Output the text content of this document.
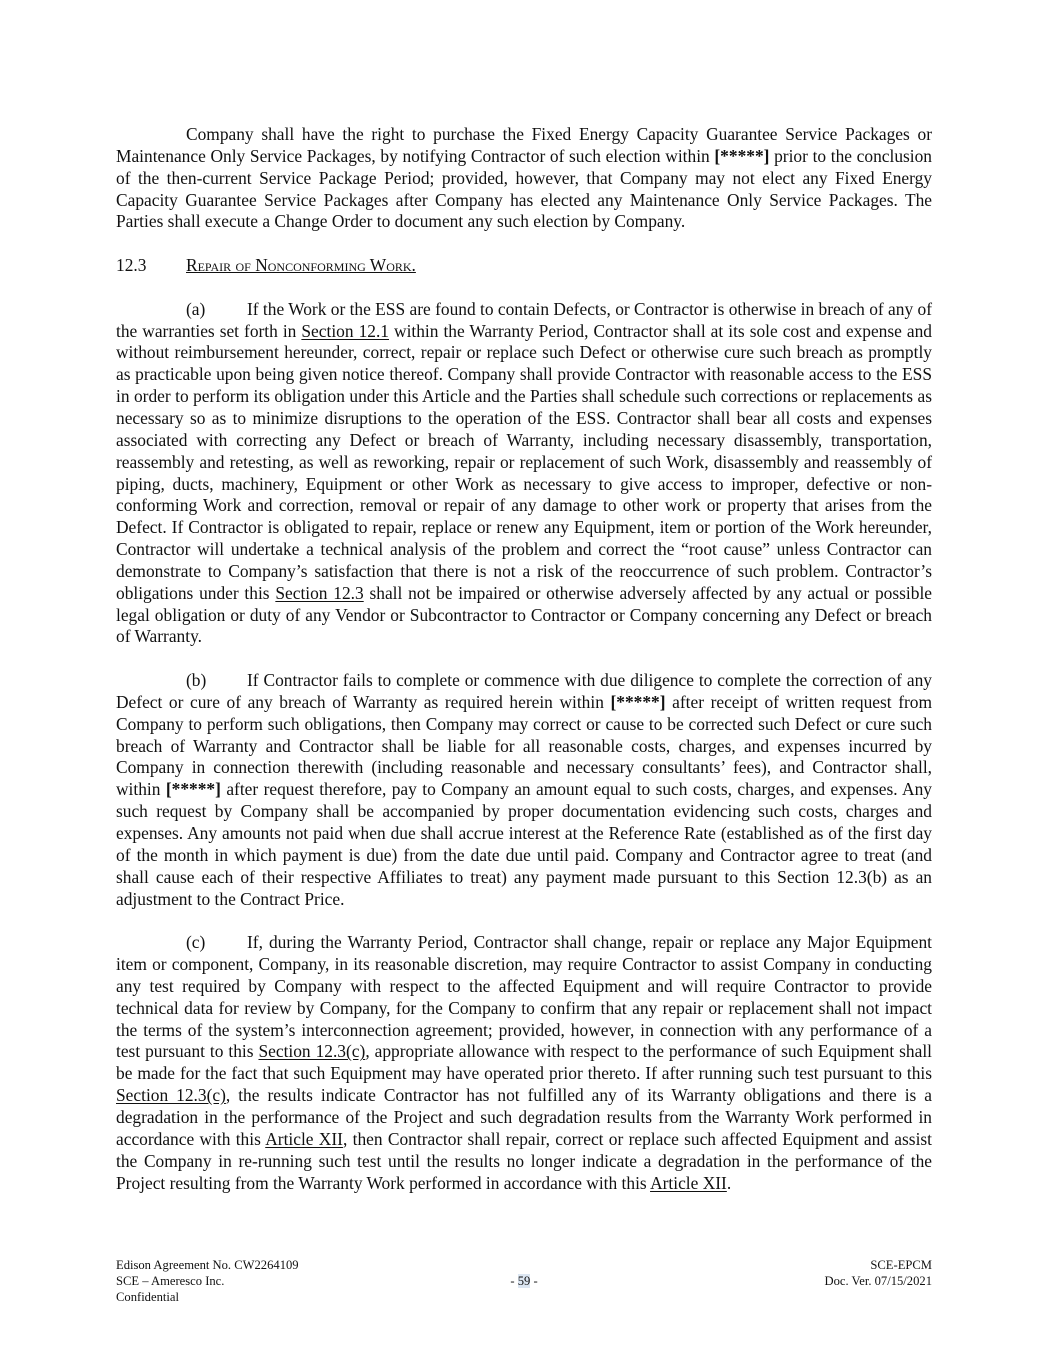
Company shall have the right to purchase the Fixed Energy Capacity Guarantee Service Packages or Maintenance Only Service Packages, by notifying Contractor of such election within [*****] prior to the conclusion of the then-current Service Package Period; provided, however, that Company may not elect any Fixed Energy Capacity Guarantee Service Packages after Company has elected any Maintenance Only Service Packages. The Parties shall execute a Change Order to document any such election by Company.

12.3 Repair of Nonconforming Work.

(a) If the Work or the ESS are found to contain Defects, or Contractor is otherwise in breach of any of the warranties set forth in Section 12.1 within the Warranty Period, Contractor shall at its sole cost and expense and without reimbursement hereunder, correct, repair or replace such Defect or otherwise cure such breach as promptly as practicable upon being given notice thereof. Company shall provide Contractor with reasonable access to the ESS in order to perform its obligation under this Article and the Parties shall schedule such corrections or replacements as necessary so as to minimize disruptions to the operation of the ESS. Contractor shall bear all costs and expenses associated with correcting any Defect or breach of Warranty, including necessary disassembly, transportation, reassembly and retesting, as well as reworking, repair or replacement of such Work, disassembly and reassembly of piping, ducts, machinery, Equipment or other Work as necessary to give access to improper, defective or non-conforming Work and correction, removal or repair of any damage to other work or property that arises from the Defect. If Contractor is obligated to repair, replace or renew any Equipment, item or portion of the Work hereunder, Contractor will undertake a technical analysis of the problem and correct the “root cause” unless Contractor can demonstrate to Company’s satisfaction that there is not a risk of the reoccurrence of such problem. Contractor’s obligations under this Section 12.3 shall not be impaired or otherwise adversely affected by any actual or possible legal obligation or duty of any Vendor or Subcontractor to Contractor or Company concerning any Defect or breach of Warranty.

(b) If Contractor fails to complete or commence with due diligence to complete the correction of any Defect or cure of any breach of Warranty as required herein within [*****] after receipt of written request from Company to perform such obligations, then Company may correct or cause to be corrected such Defect or cure such breach of Warranty and Contractor shall be liable for all reasonable costs, charges, and expenses incurred by Company in connection therewith (including reasonable and necessary consultants’ fees), and Contractor shall, within [*****] after request therefore, pay to Company an amount equal to such costs, charges, and expenses. Any such request by Company shall be accompanied by proper documentation evidencing such costs, charges and expenses. Any amounts not paid when due shall accrue interest at the Reference Rate (established as of the first day of the month in which payment is due) from the date due until paid. Company and Contractor agree to treat (and shall cause each of their respective Affiliates to treat) any payment made pursuant to this Section 12.3(b) as an adjustment to the Contract Price.

(c) If, during the Warranty Period, Contractor shall change, repair or replace any Major Equipment item or component, Company, in its reasonable discretion, may require Contractor to assist Company in conducting any test required by Company with respect to the affected Equipment and will require Contractor to provide technical data for review by Company, for the Company to confirm that any repair or replacement shall not impact the terms of the system’s interconnection agreement; provided, however, in connection with any performance of a test pursuant to this Section 12.3(c), appropriate allowance with respect to the performance of such Equipment shall be made for the fact that such Equipment may have operated prior thereto. If after running such test pursuant to this Section 12.3(c), the results indicate Contractor has not fulfilled any of its Warranty obligations and there is a degradation in the performance of the Project and such degradation results from the Warranty Work performed in accordance with this Article XII, then Contractor shall repair, correct or replace such affected Equipment and assist the Company in re-running such test until the results no longer indicate a degradation in the performance of the Project resulting from the Warranty Work performed in accordance with this Article XII.

Edison Agreement No. CW2264109
SCE – Ameresco Inc.
Confidential
- 59 -
SCE-EPCM
Doc. Ver. 07/15/2021
